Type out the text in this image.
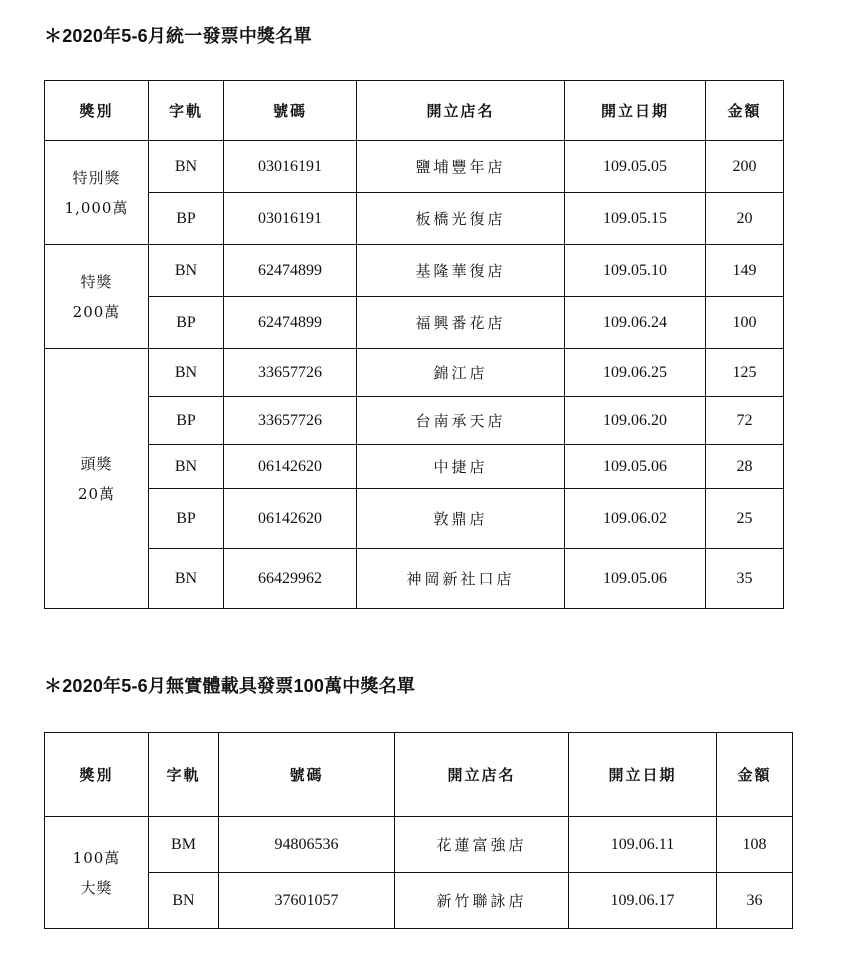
＊2020年5-6月統一發票中獎名單
獎別	字軌	號碼	開立店名	開立日期	金額

特別獎
1,000萬	BN	03016191	鹽埔豐年店	109.05.05	200
	BP	03016191	板橋光復店	109.05.15	20

特獎
200萬	BN	62474899	基隆華復店	109.05.10	149
	BP	62474899	福興番花店	109.06.24	100

頭獎
20萬	BN	33657726	錦江店	109.06.25	125
	BP	33657726	台南承天店	109.06.20	72
	BN	06142620	中捷店	109.05.06	28
	BP	06142620	敦鼎店	109.06.02	25
	BN	66429962	神岡新社口店	109.05.06	35
＊2020年5-6月無實體載具發票100萬中獎名單
獎別	字軌	號碼	開立店名	開立日期	金額

100萬
大獎	BM	94806536	花蓮富強店	109.06.11	108
	BN	37601057	新竹聯詠店	109.06.17	36
